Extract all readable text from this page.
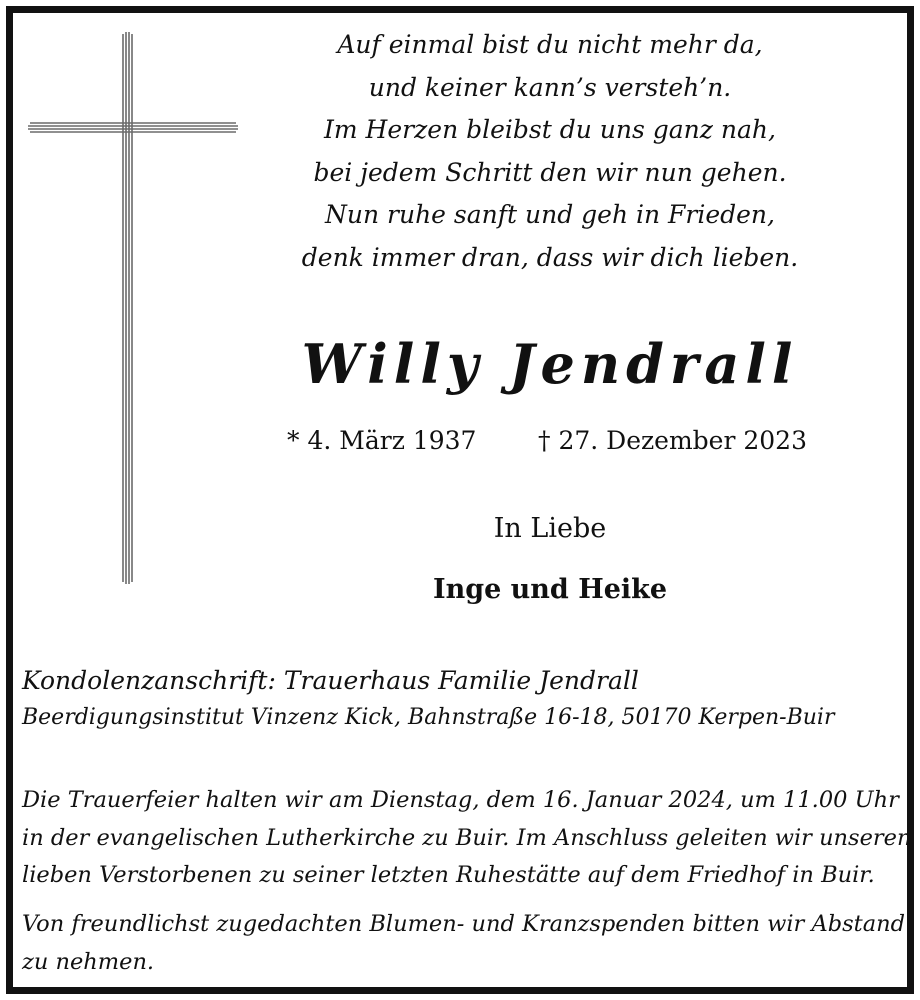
Auf einmal bist du nicht mehr da,
und keiner kann’s versteh’n.
Im Herzen bleibst du uns ganz nah,
bei jedem Schritt den wir nun gehen.
Nun ruhe sanft und geh in Frieden,
denk immer dran, dass wir dich lieben.
Willy Jendrall
* 4. März 1937 † 27. Dezember 2023
In Liebe
Inge und Heike
Kondolenzanschrift: Trauerhaus Familie Jendrall
Beerdigungsinstitut Vinzenz Kick, Bahnstraße 16-18, 50170 Kerpen-Buir
Die Trauerfeier halten wir am Dienstag, dem 16. Januar 2024, um 11.00 Uhr
in der evangelischen Lutherkirche zu Buir. Im Anschluss geleiten wir unseren
lieben Verstorbenen zu seiner letzten Ruhestätte auf dem Friedhof in Buir.
Von freundlichst zugedachten Blumen- und Kranzspenden bitten wir Abstand
zu nehmen.
